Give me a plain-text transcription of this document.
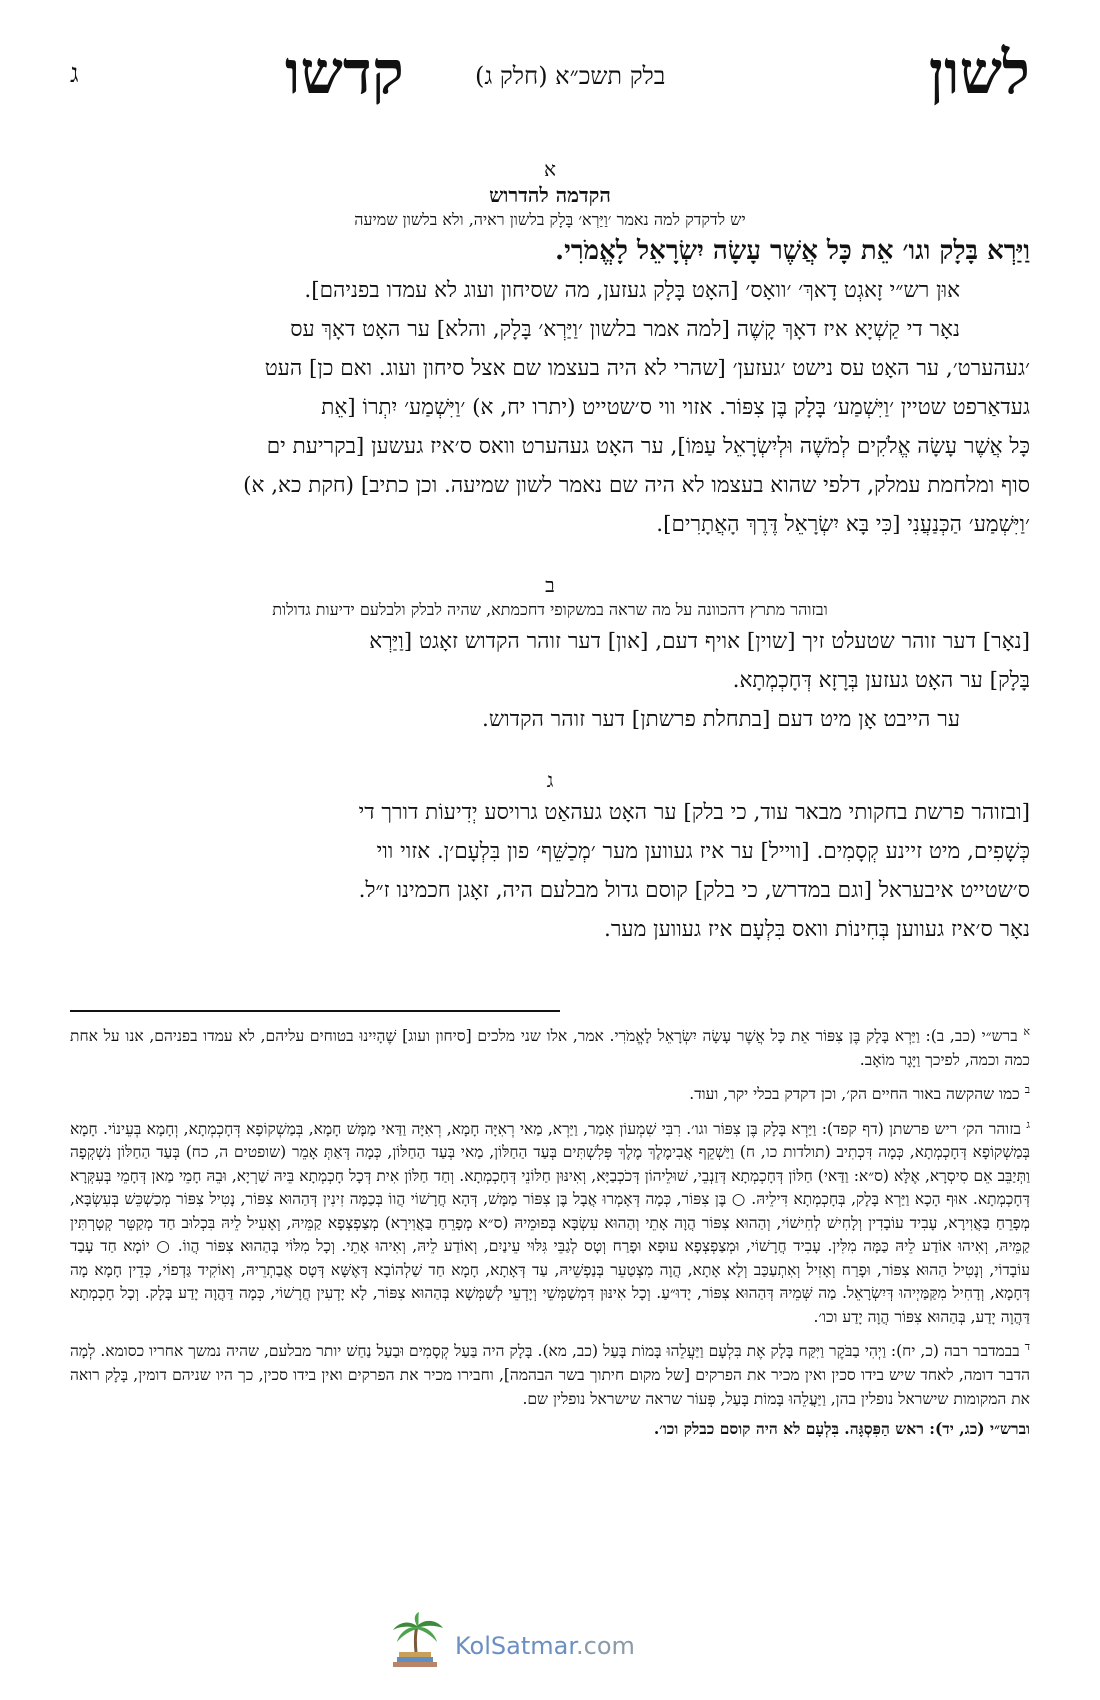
לשון
בלק תשכ״א (חלק ג)
קדשו
ג
א
הקדמה להדרוש
יש לדקדק למה נאמר ׳וַיַּרְא׳ בָּלָק בלשון ראיה, ולא בלשון שמיעה

וַיַּרְא בָּלָק וגו׳ אֵת כָּל אֲשֶׁר עָשָׂה יִשְׂרָאֵל לָאֱמֹרִי.

אוּן רש״י זָאגְט דָאךְ׳ ׳וואָס׳ [האָט בָּלָק געזען, מה שסיחון ועוג לא עמדו בפניהם].

נאָר די קַשְׁיָא איז דאָךְ קָשֶׁה [למה אמר בלשון ׳וַיַּרְא׳ בָּלָק, והלא] ער האָט דאָךְ עס

׳געהערט׳, ער האָט עס נישט ׳געזען׳ [שהרי לא היה בעצמו שם אצל סיחון ועוג. ואם כן] העט

געדאַרפט שטיין ׳וַיִּשְׁמַע׳ בָּלָק בֶּן צִפּוֹר. אזוי ווי ס׳שטייט (יתרו יח, א) ׳וַיִּשְׁמַע׳ יִתְרוֹ [אֵת

כָּל אֲשֶׁר עָשָׂה אֱלֹקִים לְמֹשֶׁה וּלְיִשְׂרָאֵל עַמּוֹ], ער האָט געהערט וואס ס׳איז געשען [בקריעת ים

סוף ומלחמת עמלק, דלפי שהוא בעצמו לא היה שם נאמר לשון שמיעה. וכן כתיב] (חקת כא, א)

׳וַיִּשְׁמַע׳ הַכְּנַעֲנִי [כִּי בָּא יִשְׂרָאֵל דֶּרֶךְ הָאֲתָרִים].

ב
ובזוהר מתרץ דהכוונה על מה שראה במשקופי דחכמתא, שהיה לבלק ולבלעם ידיעות גדולות

[נאָר] דער זוהר שטעלט זיך [שוין] אויף דעם, [און] דער זוהר הקדוש זאָגט [וַיַּרְא

בָּלָק] ער האָט געזען בְּרָזָא דְּחָכְמְתָא.

ער הייבט אָן מיט דעם [בתחלת פרשתן] דער זוהר הקדוש.

ג

[ובזוהר פרשת בחקותי מבאר עוד, כי בלק] ער האָט געהאַט גרויסע יְדִיעוֹת דורך די

כְּשָׁפִים, מיט זיינע קְסָמִים. [ווייל] ער איז געווען מער ׳מְכַשֵּׁף׳ פון בִּלְעָם׳ן. אזוי ווי

ס׳שטייט איבעראל [וגם במדרש, כי בלק] קוסם גדול מבלעם היה, זאָגן חכמינו ז״ל.

נאָר ס׳איז געווען בְּחִינוֹת וואס בִּלְעָם איז געווען מער.

$^א$ ברש״י (כב, ב): וַיַּרְא בָּלָק בֶּן צִפּוֹר אֵת כָּל אֲשֶׁר עָשָׂה יִשְׂרָאֵל לָאֱמֹרִי. אמר, אלו שני מלכים [סיחון ועוג] שֶׁהָיִינוּ בטוחים עליהם, לא עמדו בפניהם, אנו על אחת כמה וכמה, לפיכך וַיָּגָר מוֹאָב.

$^ב$ כמו שהקשה באור החיים הק׳, וכן דקדק בכלי יקר, ועוד.

$^ג$ בזוהר הק׳ ריש פרשתן (דף קפד): וַיַּרְא בָּלָק בֶּן צִפּוֹר וגו׳. רִבִּי שִׁמְעוֹן אָמַר, וַיַּרְא, מַאי רְאִיָּה חָמָא, רְאִיָּה וַדַּאי מַמָּשׁ חָמָא, בְּמַשְׁקוֹפָא דְּחָכְמְתָא, וְחָמָא בְּעֵינוֹי. חָמָא בְּמַשְׁקוֹפָא דְּחָכְמְתָא, כְּמָה דִּכְתִיב (תולדות כו, ח) וַיַּשְׁקֵף אֲבִימֶלֶךְ מֶלֶךְ פְּלִשְׁתִּים בְּעַד הַחַלּוֹן, מַאי בְּעַד הַחַלּוֹן, כְּמָה דְּאַתְּ אָמֵר (שופטים ה, כח) בְּעַד הַחַלּוֹן נִשְׁקְפָה וַתְּיַבֵּב אֵם סִיסְרָא, אֶלָּא (ס״א: וַדַּאי) חַלּוֹן דְּחָכְמְתָא דְּזַנְבֵי, שׁוּלֵיהוֹן דְּכֹכְבַיָּא, וְאִינּוּן חַלּוֹנֵי דְּחָכְמְתָא. וְחַד חַלּוֹן אִית דְּכָל חָכְמְתָא בֵּיהּ שַׁרְיָא, וּבֵהּ חָמֵי מַאן דְּחָמֵי בְּעִקְּרָא דְּחָכְמְתָא. אוּף הָכָא וַיַּרְא בָּלָק, בְּחָכְמְתָא דִּילֵיהּ. ○ בֶּן צִפּוֹר, כְּמָה דְּאָמְרוּ אֲבָל בֶּן צִפּוֹר מַמָּשׁ, דְּהָא חֲרָשׁוֹי הֲווֹ בְּכַמָּה זִינִין דְּהַהוּא צִפּוֹר, נָטִיל צִפּוֹר מְכַשְׁכֵּשׁ בְּעִשְׂבָּא, מְפָרֵחַ בַּאֲוִירָא, עָבִיד עוֹבָדִין וְלָחִישׁ לְחִישׁוֹי, וְהַהוּא צִפּוֹר הֲוָה אָתֵי וְהַהוּא עִשְׂבָּא בְּפוּמֵיהּ (ס״א מְפָרֵחַ בַּאֲוִירָא) מְצַפְצְפָא קַמֵּיהּ, וְאָעִיל לֵיהּ בִּכְלוּב חַד מְקַטֵּר קְטָרְתִּין קַמֵּיהּ, וְאִיהוּ אוֹדַע לֵיהּ כַּמָּה מִלִּין. עָבִיד חֲרָשׁוֹי, וּמְצַפְצְפָא עוּפָא וּפָרַח וְטָס לְגַבֵּי גִּלּוּי עֵינַיִם, וְאוֹדַע לֵיהּ, וְאִיהוּ אָתֵי. וְכָל מִלּוֹי בְּהַהוּא צִפּוֹר הֲווֹ. ○ יוֹמָא חַד עָבַד עוֹבָדוֹי, וְנָטִיל הַהוּא צִפּוֹר, וּפָרַח וְאָזִיל וְאִתְעַכַּב וְלָא אָתָא, הֲוָה מִצְטַעֵר בְּנַפְשֵׁיהּ, עַד דְּאָתָא, חָמָא חַד שַׁלְהוֹבָא דְּאֶשָּׁא דְּטָס אֲבַתְרֵיהּ, וְאוֹקִיד גַּדְפוֹי, כְּדֵין חָמָא מָה דְּחָמָא, וְדָחִיל מִקַּמַּיְיהוּ דְּיִשְׂרָאֵל. מַה שְּׁמֵיהּ דְּהַהוּא צִפּוֹר, יָדוּ״עַ. וְכָל אִינּוּן דִּמְשַׁמְּשֵׁי וְיָדְעֵי לְשַׁמְּשָׁא בְּהַהוּא צִפּוֹר, לָא יָדְעִין חֲרָשׁוֹי, כְּמָה דַּהֲוָה יָדַע בָּלָק. וְכָל חָכְמְתָא דַּהֲוָה יָדַע, בְּהַהוּא צִפּוֹר הֲוָה יָדַע וכו׳.

$^ד$ בבמדבר רבה (כ, יח): וַיְהִי בַבֹּקֶר וַיִּקַּח בָּלָק אֶת בִּלְעָם וַיַּעֲלֵהוּ בָּמוֹת בָּעַל (כב, מא). בָּלָק היה בַּעַל קְסָמִים וּבַעַל נַחַשׁ יותר מבלעם, שהיה נמשך אחריו כסומא. לְמָה הדבר דומה, לאחד שיש בידו סכין ואין מכיר את הפרקים [של מקום חיתוך בשר הבהמה], וחבירו מכיר את הפרקים ואין בידו סכין, כך היו שניהם דומין, בָּלָק רואה את המקומות שישראל נופלין בהן, וַיַּעֲלֵהוּ בָּמוֹת בָּעַל, פְּעוֹר שראה שישראל נופלין שם.

וברש״י (כג, יד): ראש הַפִּסְגָּה. בִּלְעָם לא היה קוסם כבלק וכו׳.

KolSatmar.com
